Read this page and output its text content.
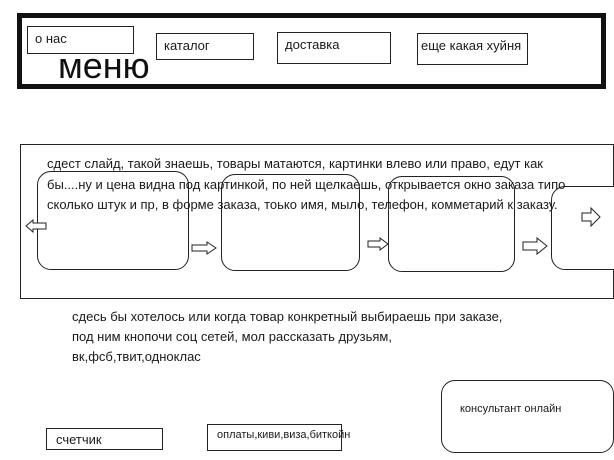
о нас	каталог	доставка	еще какая хуйня
меню
сдест слайд, такой знаешь, товары матаются, картинки влево или право, едут как бы....ну и цена видна под картинкой, по ней щелкаешь, открывается окно заказа типо сколько штук и пр, в форме заказа, тоько имя, мыло, телефон, комметарий к заказу.
сдесь бы хотелось или когда товар конкретный выбираешь при заказе, под ним кнопочи соц сетей, мол рассказать друзьям, вк,фсб,твит,одноклас
консультант онлайн
счетчик	оплаты,киви,виза,биткойн
